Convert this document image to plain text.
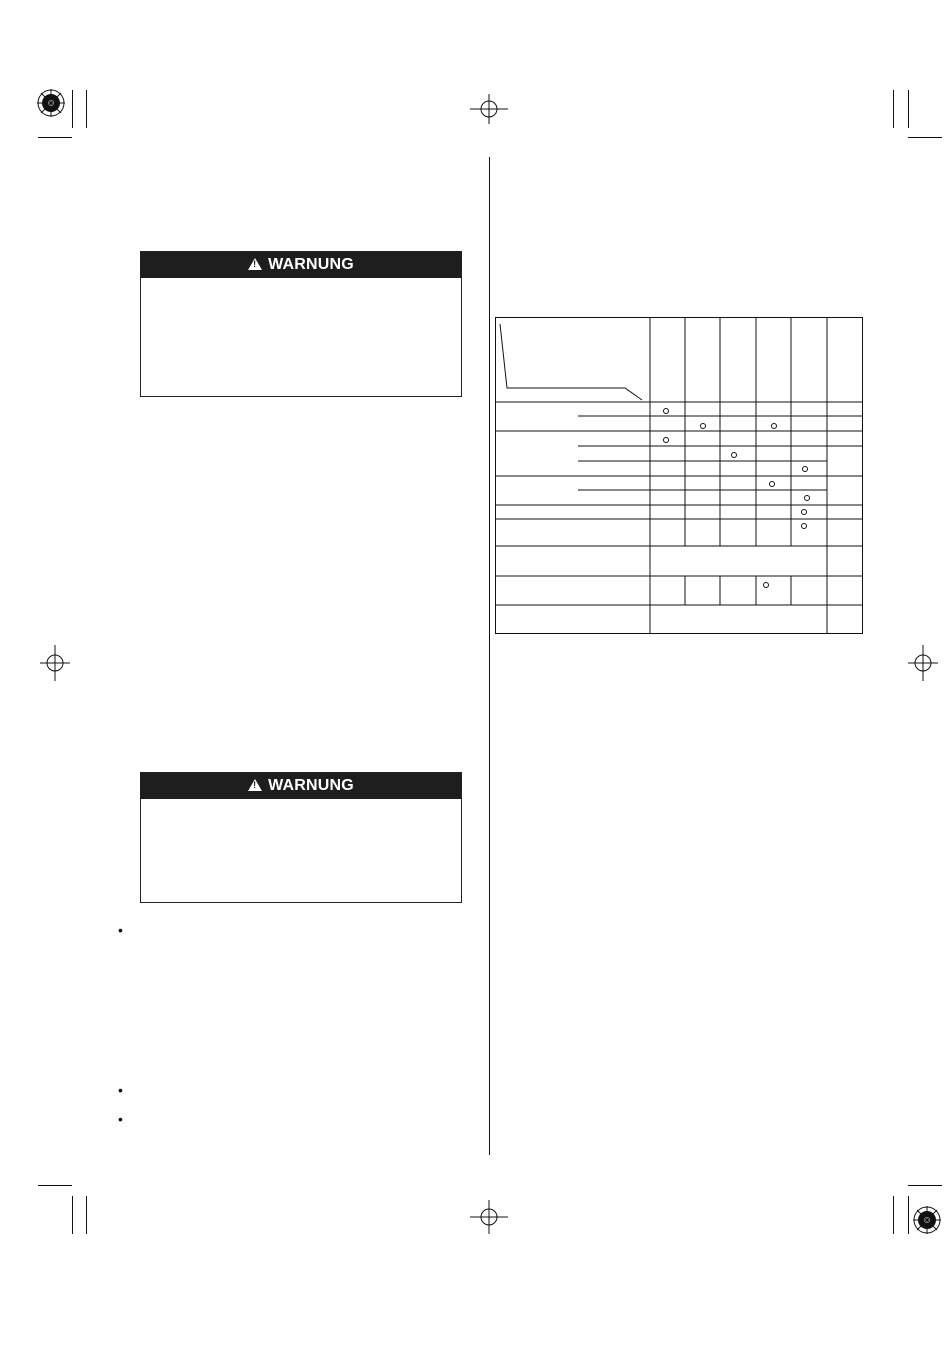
!
WARNUNG
!
WARNUNG
•
•
•
